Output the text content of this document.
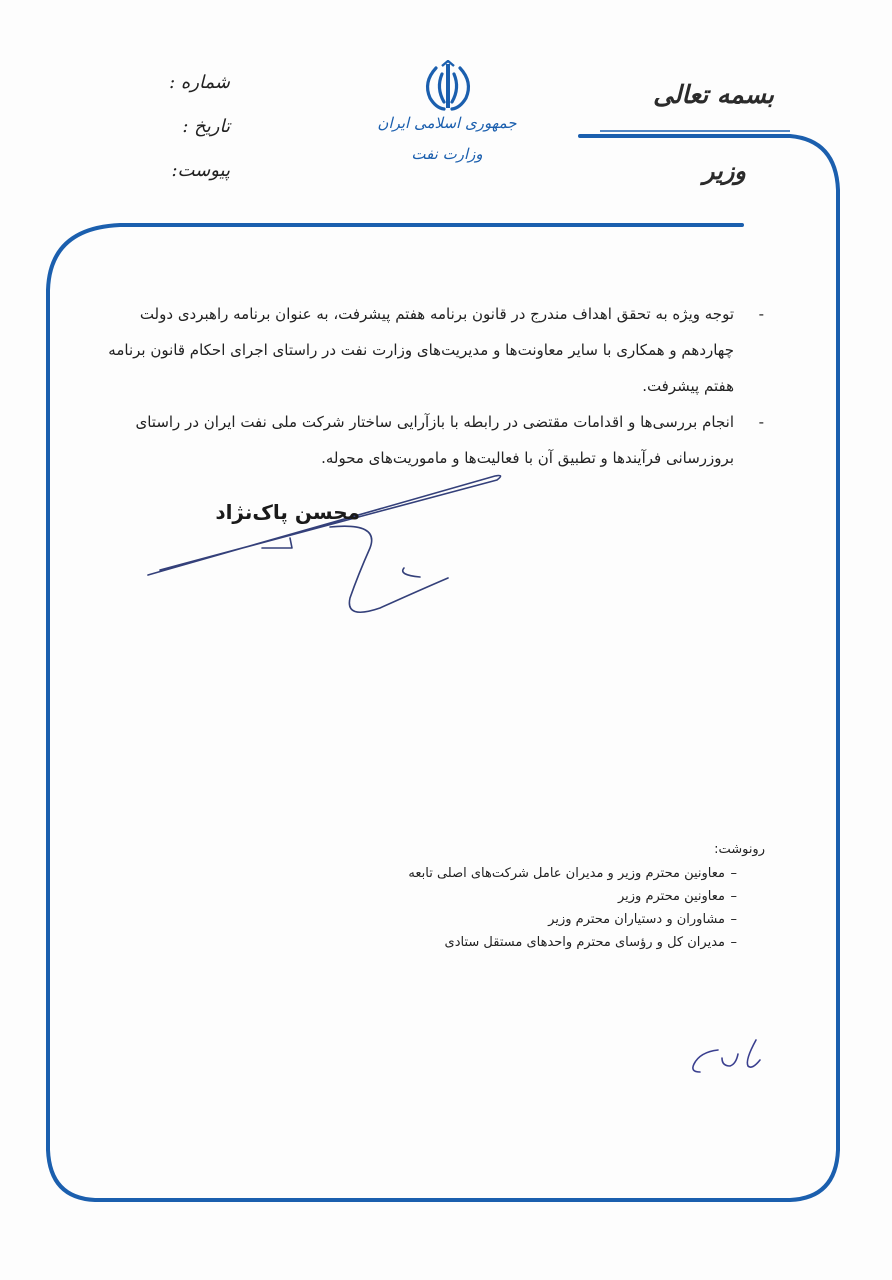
بسمه تعالی
وزیر
جمهوری اسلامی ایران
وزارت نفت
شماره :
تاریخ :
پیوست:

-
توجه ویژه به تحقق اهداف مندرج در قانون برنامه هفتم پیشرفت، به عنوان برنامه راهبردی دولت چهاردهم و همکاری با سایر معاونت‌ها و مدیریت‌های وزارت نفت در راستای اجرای احکام قانون برنامه هفتم پیشرفت.

-
انجام بررسی‌ها و اقدامات مقتضی در رابطه با بازآرایی ساختار شرکت ملی نفت ایران در راستای بروزرسانی فرآیندها و تطبیق آن با فعالیت‌ها و ماموریت‌های محوله.

محسن پاک‌نژاد
رونوشت:
–
معاونین محترم وزیر و مدیران عامل شرکت‌های اصلی تابعه
–
معاونین محترم وزیر
–
مشاوران و دستیاران محترم وزیر
–
مدیران کل و رؤسای محترم واحدهای مستقل ستادی
